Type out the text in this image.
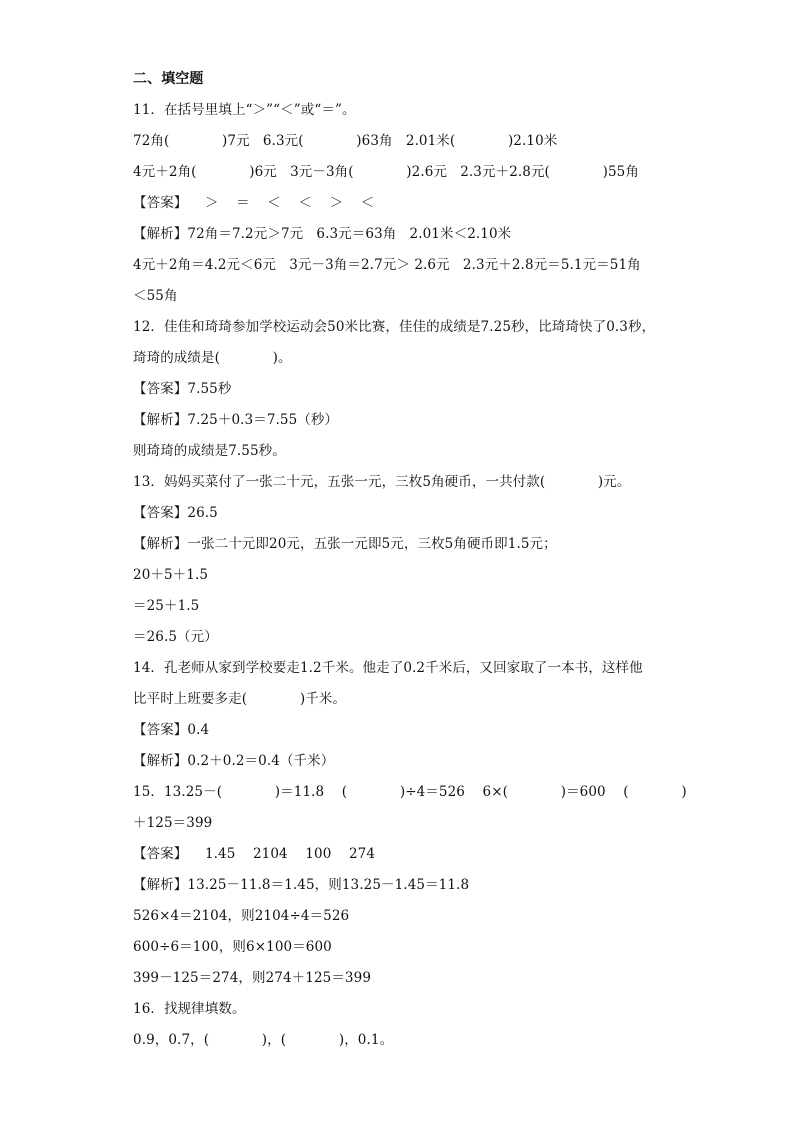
二、填空题
11．在括号里填上“＞”“＜”或“＝”。
72角(            )7元   6.3元(            )63角   2.01米(            )2.10米
4元＋2角(            )6元   3元－3角(            )2.6元   2.3元＋2.8元(            )55角
【答案】    ＞    ＝    ＜    ＜    ＞    ＜
【解析】72角＝7.2元＞7元   6.3元＝63角   2.01米＜2.10米
4元＋2角＝4.2元＜6元   3元－3角＝2.7元＞ 2.6元   2.3元＋2.8元＝5.1元＝51角
＜55角
12．佳佳和琦琦参加学校运动会50米比赛，佳佳的成绩是7.25秒，比琦琦快了0.3秒，
琦琦的成绩是(            )。
【答案】7.55秒
【解析】7.25＋0.3＝7.55（秒）
则琦琦的成绩是7.55秒。
13．妈妈买菜付了一张二十元，五张一元，三枚5角硬币，一共付款(            )元。
【答案】26.5
【解析】一张二十元即20元，五张一元即5元，三枚5角硬币即1.5元；
20＋5＋1.5
＝25＋1.5
＝26.5（元）
14．孔老师从家到学校要走1.2千米。他走了0.2千米后，又回家取了一本书，这样他
比平时上班要多走(            )千米。
【答案】0.4
【解析】0.2＋0.2＝0.4（千米）
15．13.25－(            )＝11.8    (            )÷4＝526    6×(            )＝600    (            )
＋125＝399
【答案】    1.45    2104    100    274
【解析】13.25－11.8＝1.45，则13.25－1.45＝11.8
526×4＝2104，则2104÷4＝526
600÷6＝100，则6×100＝600
399－125＝274，则274＋125＝399
16．找规律填数。
0.9，0.7，(            )，(            )，0.1。
